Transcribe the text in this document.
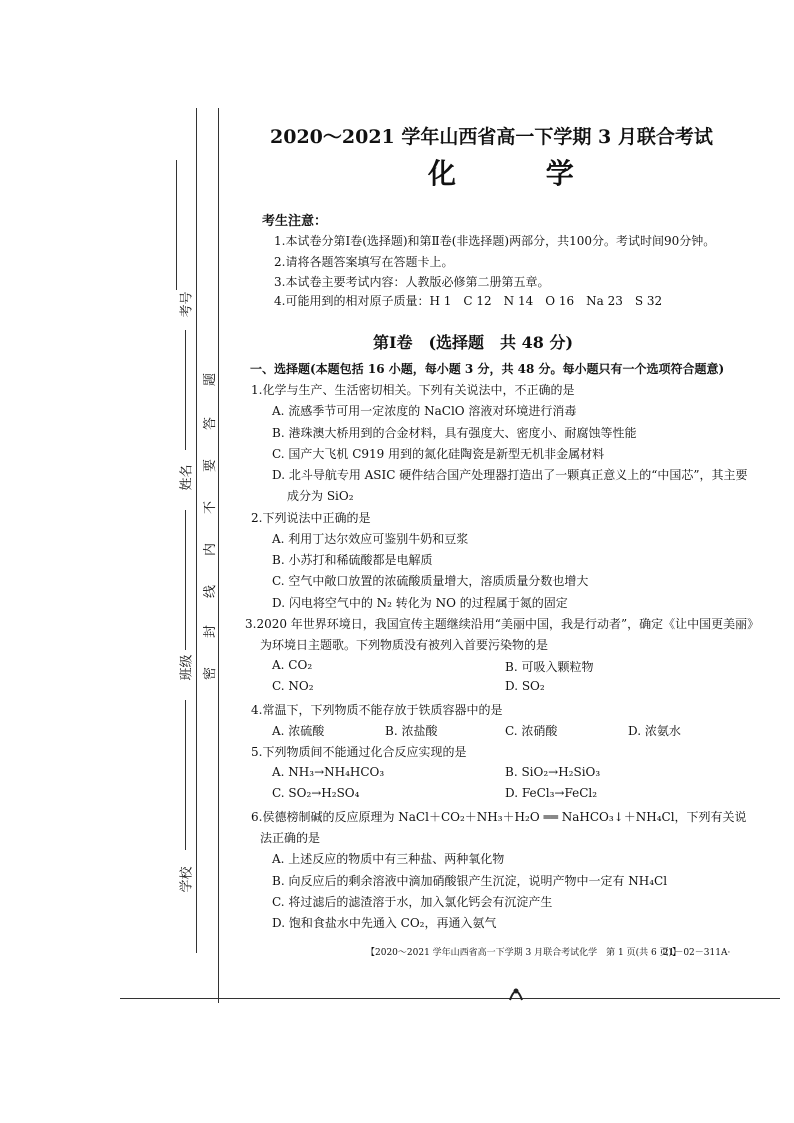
考号
姓名
班级
学校
密
封
线
内
不
要
答
题
2020～2021 学年山西省高一下学期 3 月联合考试
化 学
考生注意：
1.本试卷分第Ⅰ卷(选择题)和第Ⅱ卷(非选择题)两部分，共100分。考试时间90分钟。
2.请将各题答案填写在答题卡上。
3.本试卷主要考试内容：人教版必修第二册第五章。
4.可能用到的相对原子质量：H 1　C 12　N 14　O 16　Na 23　S 32
第Ⅰ卷　(选择题　共 48 分)
一、选择题(本题包括 16 小题，每小题 3 分，共 48 分。每小题只有一个选项符合题意)
1.化学与生产、生活密切相关。下列有关说法中，不正确的是
A. 流感季节可用一定浓度的 NaClO 溶液对环境进行消毒
B. 港珠澳大桥用到的合金材料，具有强度大、密度小、耐腐蚀等性能
C. 国产大飞机 C919 用到的氮化硅陶瓷是新型无机非金属材料
D. 北斗导航专用 ASIC 硬件结合国产处理器打造出了一颗真正意义上的“中国芯”，其主要
成分为 SiO₂
2.下列说法中正确的是
A. 利用丁达尔效应可鉴别牛奶和豆浆
B. 小苏打和稀硫酸都是电解质
C. 空气中敞口放置的浓硫酸质量增大，溶质质量分数也增大
D. 闪电将空气中的 N₂ 转化为 NO 的过程属于氮的固定
3.2020 年世界环境日，我国宣传主题继续沿用“美丽中国，我是行动者”，确定《让中国更美丽》
为环境日主题歌。下列物质没有被列入首要污染物的是
A. CO₂	B. 可吸入颗粒物
C. NO₂	D. SO₂
4.常温下，下列物质不能存放于铁质容器中的是
A. 浓硫酸	B. 浓盐酸	C. 浓硝酸	D. 浓氨水
5.下列物质间不能通过化合反应实现的是
A. NH₃→NH₄HCO₃	B. SiO₂→H₂SiO₃
C. SO₂→H₂SO₄	D. FeCl₃→FeCl₂
6.侯德榜制碱的反应原理为 NaCl＋CO₂＋NH₃＋H₂O ══ NaHCO₃↓＋NH₄Cl，下列有关说
法正确的是
A. 上述反应的物质中有三种盐、两种氧化物
B. 向反应后的剩余溶液中滴加硝酸银产生沉淀，说明产物中一定有 NH₄Cl
C. 将过滤后的滤渣溶于水，加入氯化钙会有沉淀产生
D. 饱和食盐水中先通入 CO₂，再通入氨气
【2020～2021 学年山西省高一下学期 3 月联合考试化学　第 1 页(共 6 页)】
·21－02－311A·
